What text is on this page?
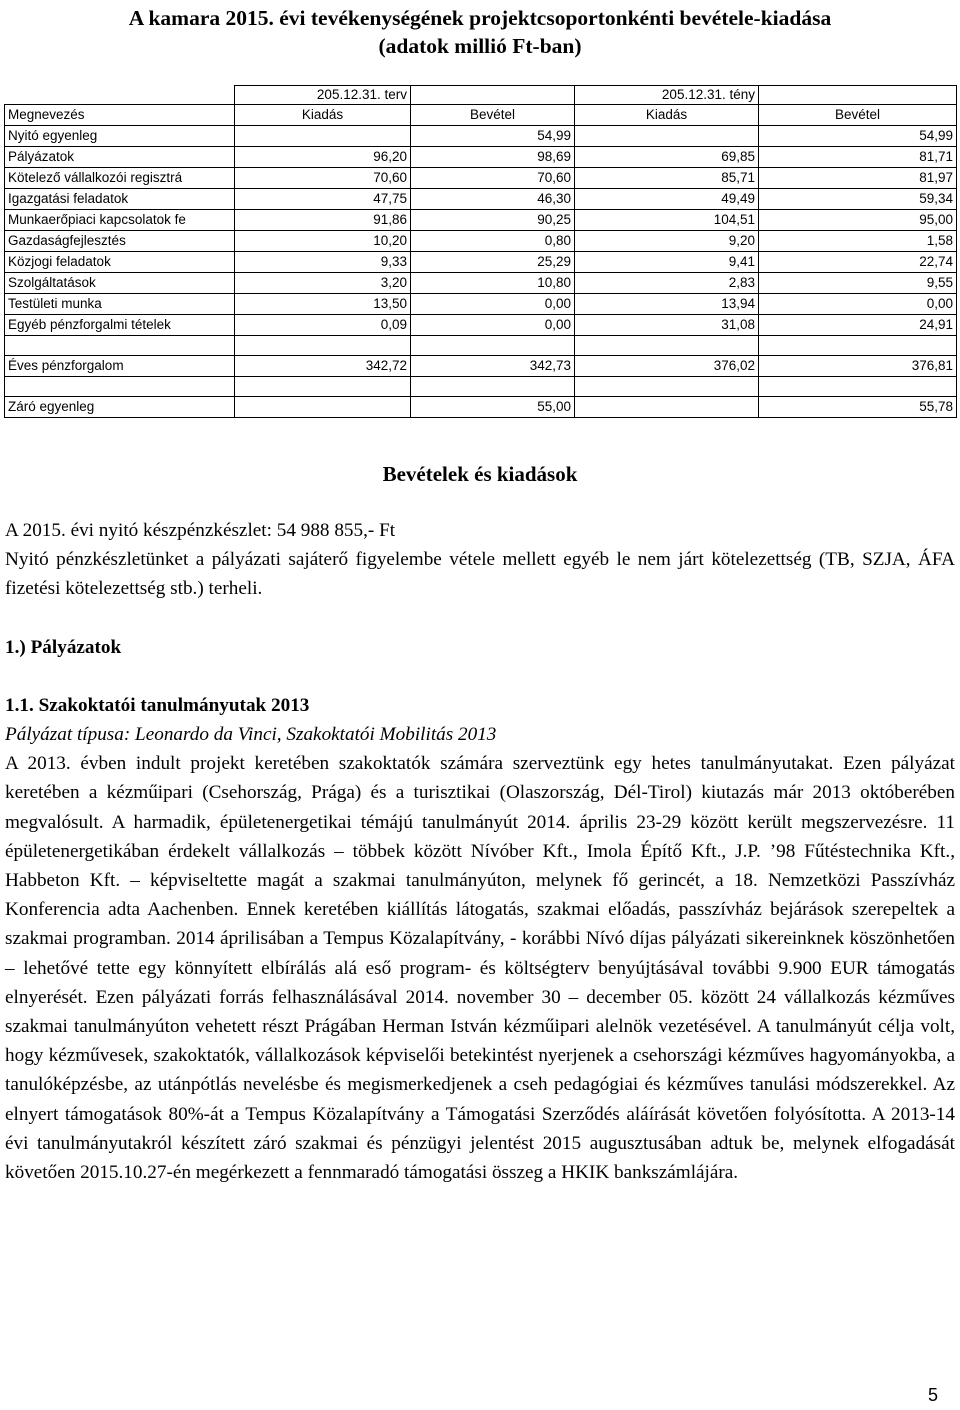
A kamara 2015. évi tevékenységének projektcsoportonkénti bevétele-kiadása
(adatok millió Ft-ban)
	205.12.31. terv		205.12.31. tény	
Megnevezés	Kiadás	Bevétel	Kiadás	Bevétel
Nyitó egyenleg		54,99		54,99
Pályázatok	96,20	98,69	69,85	81,71
Kötelező vállalkozói regisztrá	70,60	70,60	85,71	81,97
Igazgatási feladatok	47,75	46,30	49,49	59,34
Munkaerőpiaci kapcsolatok fe	91,86	90,25	104,51	95,00
Gazdaságfejlesztés	10,20	0,80	9,20	1,58
Közjogi feladatok	9,33	25,29	9,41	22,74
Szolgáltatások	3,20	10,80	2,83	9,55
Testületi munka	13,50	0,00	13,94	0,00
Egyéb pénzforgalmi tételek	0,09	0,00	31,08	24,91

Éves pénzforgalom	342,72	342,73	376,02	376,81

Záró egyenleg		55,00		55,78
Bevételek és kiadások

A 2015. évi nyitó készpénzkészlet: 54 988 855,- Ft

Nyitó pénzkészletünket a pályázati sajáterő figyelembe vétele mellett egyéb le nem járt kötelezettség (TB, SZJA, ÁFA fizetési kötelezettség stb.) terheli.

1.) Pályázatok

1.1. Szakoktatói tanulmányutak 2013

Pályázat típusa: Leonardo da Vinci, Szakoktatói Mobilitás 2013

A 2013. évben indult projekt keretében szakoktatók számára szerveztünk egy hetes tanulmányutakat. Ezen pályázat keretében a kézműipari (Csehország, Prága) és a turisztikai (Olaszország, Dél-Tirol) kiutazás már 2013 októberében megvalósult. A harmadik, épületenergetikai témájú tanulmányút 2014. április 23-29 között került megszervezésre. 11 épületenergetikában érdekelt vállalkozás – többek között Nívóber Kft., Imola Építő Kft., J.P. ’98 Fűtéstechnika Kft., Habbeton Kft. – képviseltette magát a szakmai tanulmányúton, melynek fő gerincét, a 18. Nemzetközi Passzívház Konferencia adta Aachenben. Ennek keretében kiállítás látogatás, szakmai előadás, passzívház bejárások szerepeltek a szakmai programban. 2014 áprilisában a Tempus Közalapítvány, - korábbi Nívó díjas pályázati sikereinknek köszönhetően – lehetővé tette egy könnyített elbírálás alá eső program- és költségterv benyújtásával további 9.900 EUR támogatás elnyerését. Ezen pályázati forrás felhasználásával 2014. november 30 – december 05. között 24 vállalkozás kézműves szakmai tanulmányúton vehetett részt Prágában Herman István kézműipari alelnök vezetésével. A tanulmányút célja volt, hogy kézművesek, szakoktatók, vállalkozások képviselői betekintést nyerjenek a csehországi kézműves hagyományokba, a tanulóképzésbe, az utánpótlás nevelésbe és megismerkedjenek a cseh pedagógiai és kézműves tanulási módszerekkel. Az elnyert támogatások 80%-át a Tempus Közalapítvány a Támogatási Szerződés aláírását követően folyósította. A 2013-14 évi tanulmányutakról készített záró szakmai és pénzügyi jelentést 2015 augusztusában adtuk be, melynek elfogadását követően 2015.10.27-én megérkezett a fennmaradó támogatási összeg a HKIK bankszámlájára.

5
